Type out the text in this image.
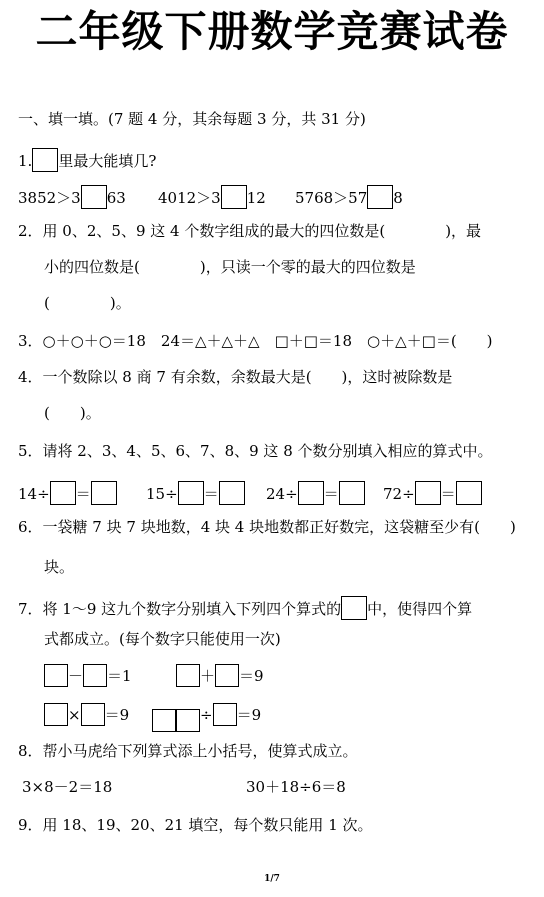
二年级下册数学竞赛试卷
一、填一填。(7 题 4 分，其余每题 3 分，共 31 分)
1. 里最大能填几?
3852＞3 63 4012＞3 12 5768＞57 8
2．用 0、2、5、9 这 4 个数字组成的最大的四位数是(　　　　)，最
小的四位数是(　　　　)，只读一个零的最大的四位数是
(　　　　)。
3．○＋○＋○＝18　24＝△＋△＋△　□＋□＝18　○＋△＋□＝(　　)
4．一个数除以 8 商 7 有余数，余数最大是(　　)，这时被除数是
(　　)。
5．请将 2、3、4、5、6、7、8、9 这 8 个数分别填入相应的算式中。
14÷ ＝	15÷ ＝	24÷ ＝	72÷ ＝
6．一袋糖 7 块 7 块地数，4 块 4 块地数都正好数完，这袋糖至少有(　　)
块。
7．将 1～9 这九个数字分别填入下列四个算式的 中，使得四个算
式都成立。(每个数字只能使用一次)
－ ＝1	＋ ＝9
× ＝9	÷ ＝9
8．帮小马虎给下列算式添上小括号，使算式成立。
3×8－2＝18	30＋18÷6＝8
9．用 18、19、20、21 填空，每个数只能用 1 次。
1/7
